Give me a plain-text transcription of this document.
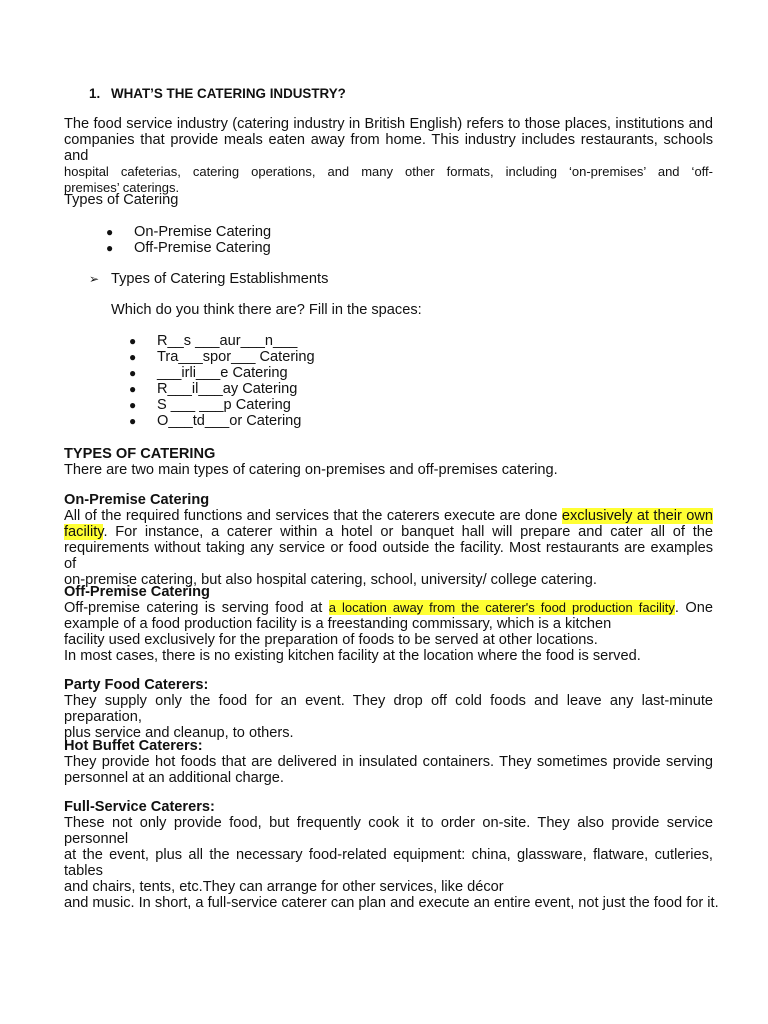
1. WHAT’S THE CATERING INDUSTRY?
The food service industry (catering industry in British English) refers to those places, institutions and
companies that provide meals eaten away from home. This industry includes restaurants, schools and
hospital cafeterias, catering operations, and many other formats, including ‘on-premises’ and ‘off-
premises’ caterings.
Types of Catering
● On-Premise Catering
● Off-Premise Catering
➢ Types of Catering Establishments
Which do you think there are? Fill in the spaces:
● R__s ___aur___n___
● Tra___spor___ Catering
● ___irli___e Catering
● R___il___ay Catering
● S ___ ___p Catering
● O___td___or Catering
TYPES OF CATERING
There are two main types of catering on-premises and off-premises catering.
On-Premise Catering
All of the required functions and services that the caterers execute are done exclusively at their own
facility. For instance, a caterer within a hotel or banquet hall will prepare and cater all of the
requirements without taking any service or food outside the facility. Most restaurants are examples of
on-premise catering, but also hospital catering, school, university/ college catering.
Off-Premise Catering
Off-premise catering is serving food at a location away from the caterer's food production facility. One
example of a food production facility is a freestanding commissary, which is a kitchen
facility used exclusively for the preparation of foods to be served at other locations.
In most cases, there is no existing kitchen facility at the location where the food is served.
Party Food Caterers:
They supply only the food for an event. They drop off cold foods and leave any last-minute preparation,
plus service and cleanup, to others.
Hot Buffet Caterers:
They provide hot foods that are delivered in insulated containers. They sometimes provide serving
personnel at an additional charge.
Full-Service Caterers:
These not only provide food, but frequently cook it to order on-site. They also provide service personnel
at the event, plus all the necessary food-related equipment: china, glassware, flatware, cutleries, tables
and chairs, tents, etc.They can arrange for other services, like décor
and music. In short, a full-service caterer can plan and execute an entire event, not just the food for it.
